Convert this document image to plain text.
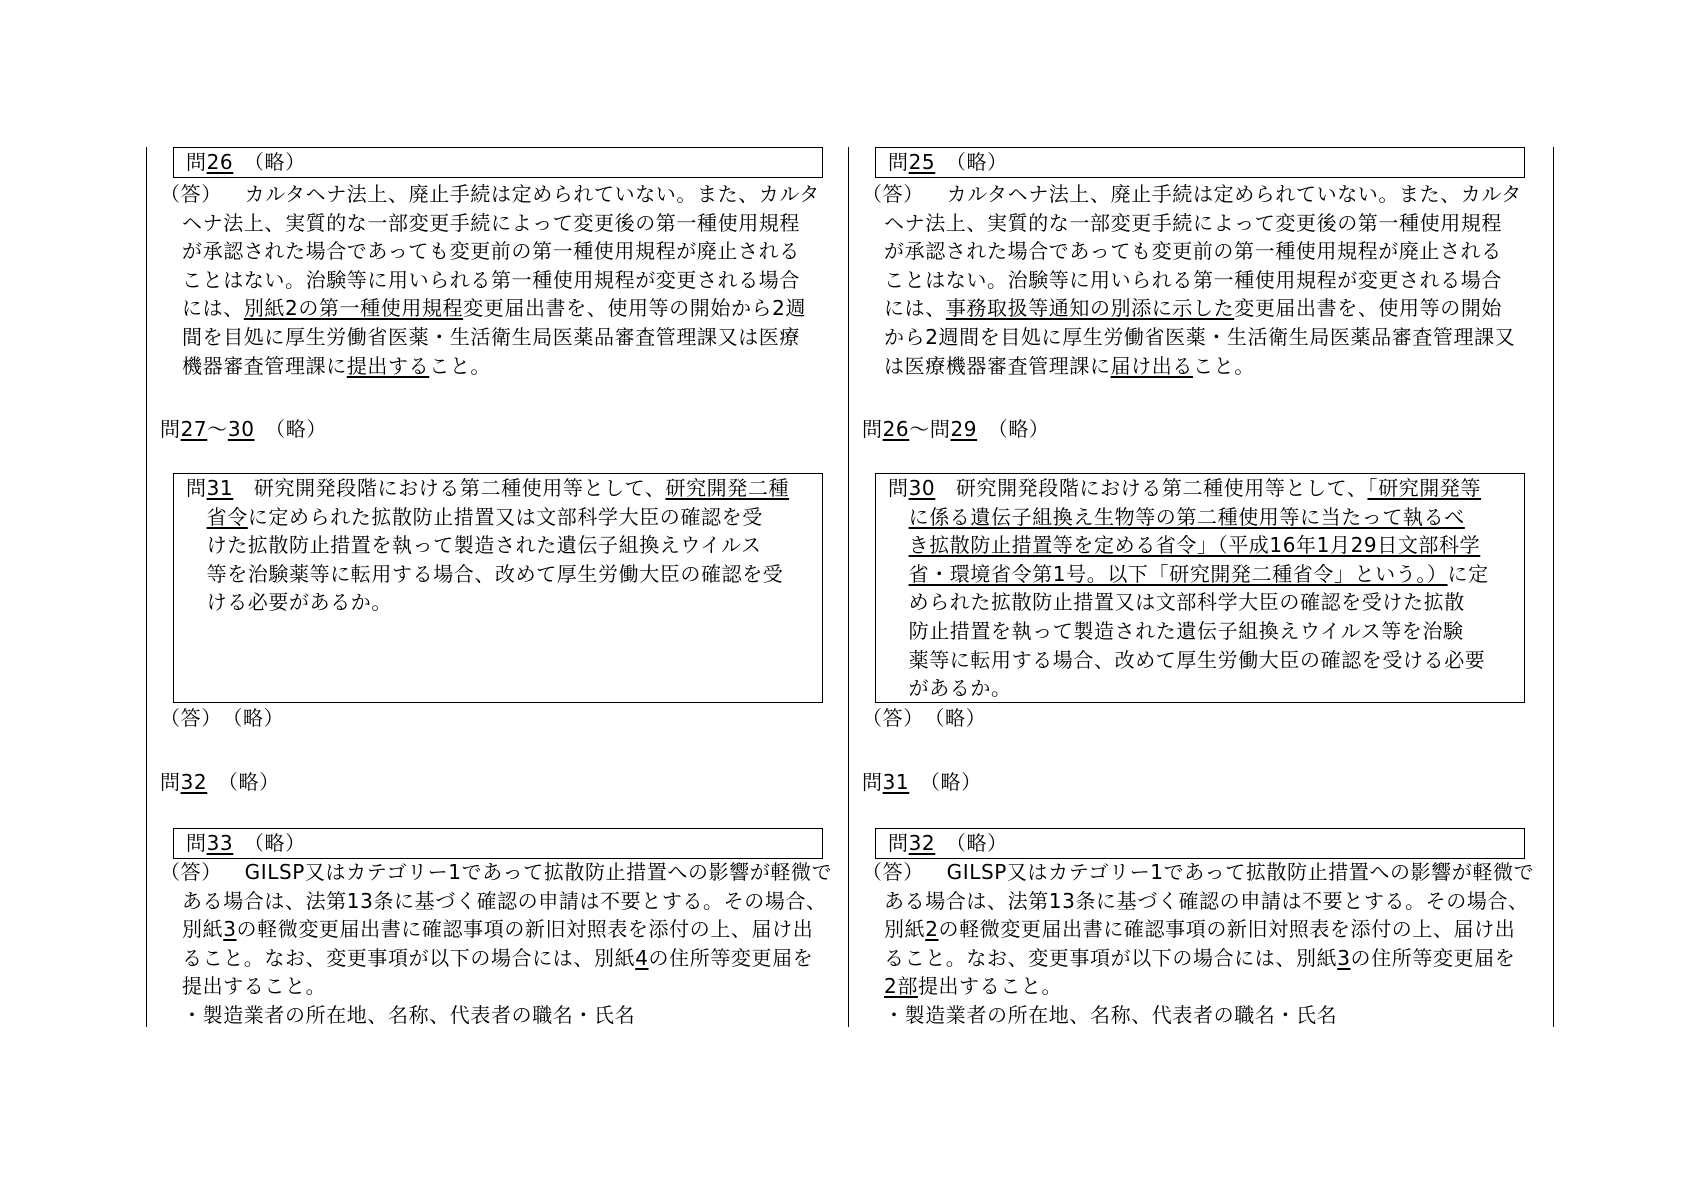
問26　（略）
（答） 　カルタヘナ法上、廃止手続は定められていない。また、カルタ
ヘナ法上、実質的な一部変更手続によって変更後の第一種使用規程
が承認された場合であっても変更前の第一種使用規程が廃止される
ことはない。治験等に用いられる第一種使用規程が変更される場合
には、別紙2の第一種使用規程変更届出書を、使用等の開始から2週
間を目処に厚生労働省医薬・生活衛生局医薬品審査管理課又は医療
機器審査管理課に提出すること。
問27～30　（略）
問31　研究開発段階における第二種使用等として、研究開発二種
　省令に定められた拡散防止措置又は文部科学大臣の確認を受
　けた拡散防止措置を執って製造された遺伝子組換えウイルス
　等を治験薬等に転用する場合、改めて厚生労働大臣の確認を受
　ける必要があるか。
（答）　（略）
問32　（略）
問33　（略）
（答） 　GILSP又はカテゴリー1であって拡散防止措置への影響が軽微で
ある場合は、法第13条に基づく確認の申請は不要とする。その場合、
別紙3の軽微変更届出書に確認事項の新旧対照表を添付の上、届け出
ること。なお、変更事項が以下の場合には、別紙4の住所等変更届を
提出すること。
・製造業者の所在地、名称、代表者の職名・氏名
問25　（略）
（答） 　カルタヘナ法上、廃止手続は定められていない。また、カルタ
ヘナ法上、実質的な一部変更手続によって変更後の第一種使用規程
が承認された場合であっても変更前の第一種使用規程が廃止される
ことはない。治験等に用いられる第一種使用規程が変更される場合
には、事務取扱等通知の別添に示した変更届出書を、使用等の開始
から2週間を目処に厚生労働省医薬・生活衛生局医薬品審査管理課又
は医療機器審査管理課に届け出ること。
問26～問29　（略）
問30　研究開発段階における第二種使用等として、「研究開発等
　に係る遺伝子組換え生物等の第二種使用等に当たって執るべ
　き拡散防止措置等を定める省令」（平成16年1月29日文部科学
　省・環境省令第1号。以下「研究開発二種省令」という。）に定
　められた拡散防止措置又は文部科学大臣の確認を受けた拡散
　防止措置を執って製造された遺伝子組換えウイルス等を治験
　薬等に転用する場合、改めて厚生労働大臣の確認を受ける必要
　があるか。
（答）　（略）
問31　（略）
問32　（略）
（答） 　GILSP又はカテゴリー1であって拡散防止措置への影響が軽微で
ある場合は、法第13条に基づく確認の申請は不要とする。その場合、
別紙2の軽微変更届出書に確認事項の新旧対照表を添付の上、届け出
ること。なお、変更事項が以下の場合には、別紙3の住所等変更届を
2部提出すること。
・製造業者の所在地、名称、代表者の職名・氏名
